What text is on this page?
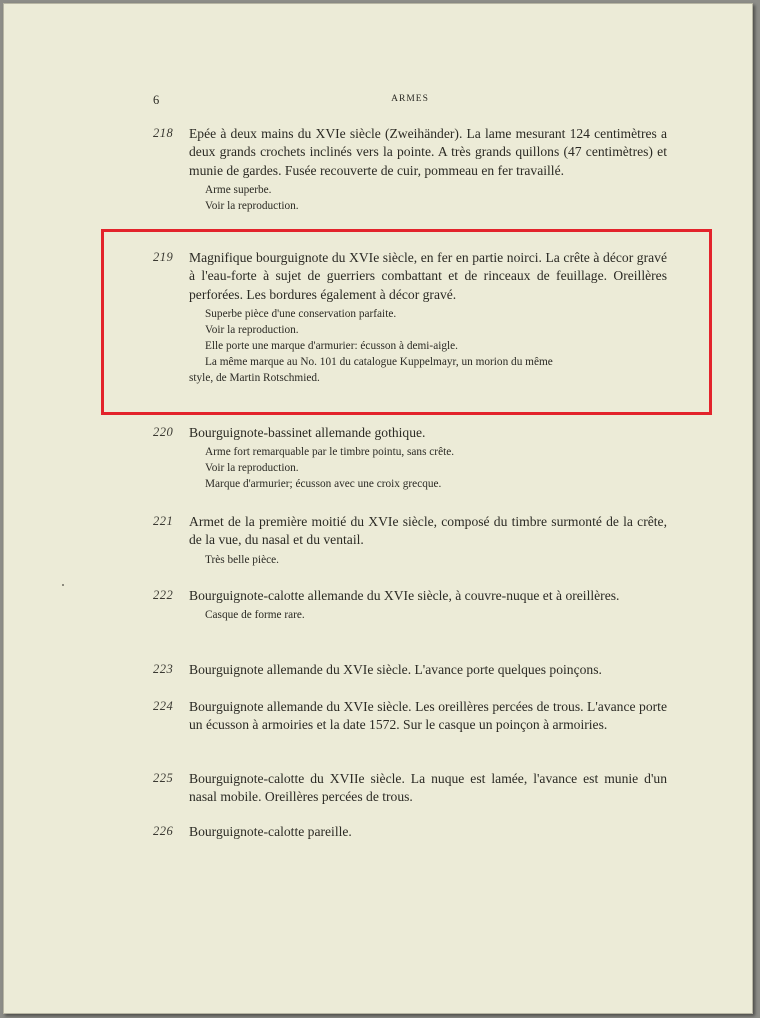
6	ARMES
218 Epée à deux mains du XVIe siècle (Zweihänder). La lame mesurant 124 centimètres a deux grands crochets inclinés vers la pointe. A très grands quillons (47 centimètres) et munie de gardes. Fusée recouverte de cuir, pommeau en fer travaillé.
Arme superbe.
Voir la reproduction.
219 Magnifique bourguignote du XVIe siècle, en fer en partie noirci. La crête à décor gravé à l'eau-forte à sujet de guerriers combattant et de rinceaux de feuillage. Oreillères perforées. Les bordures également à décor gravé.
Superbe pièce d'une conservation parfaite.
Voir la reproduction.
Elle porte une marque d'armurier: écusson à demi-aigle.
La même marque au No. 101 du catalogue Kuppelmayr, un morion du même
style, de Martin Rotschmied.
220 Bourguignote-bassinet allemande gothique.
Arme fort remarquable par le timbre pointu, sans crête.
Voir la reproduction.
Marque d'armurier; écusson avec une croix grecque.
221 Armet de la première moitié du XVIe siècle, composé du timbre surmonté de la crête, de la vue, du nasal et du ventail.
Très belle pièce.
222 Bourguignote-calotte allemande du XVIe siècle, à couvre-nuque et à oreillères.
Casque de forme rare.
223 Bourguignote allemande du XVIe siècle. L'avance porte quelques poinçons.
224 Bourguignote allemande du XVIe siècle. Les oreillères percées de trous. L'avance porte un écusson à armoiries et la date 1572. Sur le casque un poinçon à armoiries.
225 Bourguignote-calotte du XVIIe siècle. La nuque est lamée, l'avance est munie d'un nasal mobile. Oreillères percées de trous.
226 Bourguignote-calotte pareille.
